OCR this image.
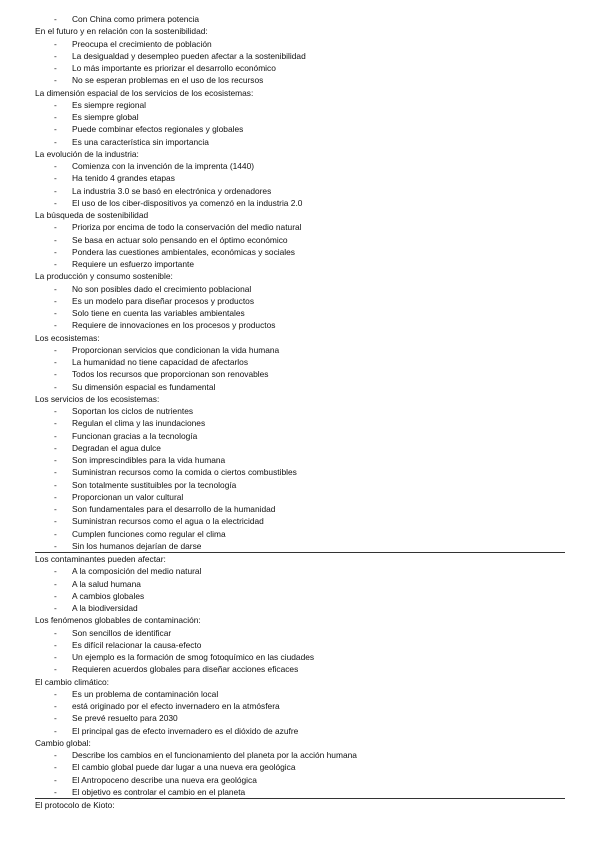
- Con China como primera potencia
En el futuro y en relación con la sostenibilidad:
- Preocupa el crecimiento de población
- La desigualdad y desempleo pueden afectar a la sostenibilidad
- Lo más importante es priorizar el desarrollo económico
- No se esperan problemas en el uso de los recursos
La dimensión espacial de los servicios de los ecosistemas:
- Es siempre regional
- Es siempre global
- Puede combinar efectos regionales y globales
- Es una característica sin importancia
La evolución de la industria:
- Comienza con la invención de la imprenta (1440)
- Ha tenido 4 grandes etapas
- La industria 3.0 se basó en electrónica y ordenadores
- El uso de los ciber-dispositivos ya comenzó en la industria 2.0
La búsqueda de sostenibilidad
- Prioriza por encima de todo la conservación del medio natural
- Se basa en actuar solo pensando en el óptimo económico
- Pondera las cuestiones ambientales, económicas y sociales
- Requiere un esfuerzo importante
La producción y consumo sostenible:
- No son posibles dado el crecimiento poblacional
- Es un modelo para diseñar procesos y productos
- Solo tiene en cuenta las variables ambientales
- Requiere de innovaciones en los procesos y productos
Los ecosistemas:
- Proporcionan servicios que condicionan la vida humana
- La humanidad no tiene capacidad de afectarlos
- Todos los recursos que proporcionan son renovables
- Su dimensión espacial es fundamental
Los servicios de los ecosistemas:
- Soportan los ciclos de nutrientes
- Regulan el clima y las inundaciones
- Funcionan gracias a la tecnología
- Degradan el agua dulce
- Son imprescindibles para la vida humana
- Suministran recursos como la comida o ciertos combustibles
- Son totalmente sustituibles por la tecnología
- Proporcionan un valor cultural
- Son fundamentales para el desarrollo de la humanidad
- Suministran recursos como el agua o la electricidad
- Cumplen funciones como regular el clima
- Sin los humanos dejarían de darse
Los contaminantes pueden afectar:
- A la composición del medio natural
- A la salud humana
- A cambios globales
- A la biodiversidad
Los fenómenos globables de contaminación:
- Son sencillos de identificar
- Es difícil relacionar la causa-efecto
- Un ejemplo es la formación de smog fotoquímico en las ciudades
- Requieren acuerdos globales para diseñar acciones eficaces
El cambio climático:
- Es un problema de contaminación local
- está originado por el efecto invernadero en la atmósfera
- Se prevé resuelto para 2030
- El principal gas de efecto invernadero es el dióxido de azufre
Cambio global:
- Describe los cambios en el funcionamiento del planeta por la acción humana
- El cambio global puede dar lugar a una nueva era geológica
- El Antropoceno describe una nueva era geológica
- El objetivo es controlar el cambio en el planeta
El protocolo de Kioto:
